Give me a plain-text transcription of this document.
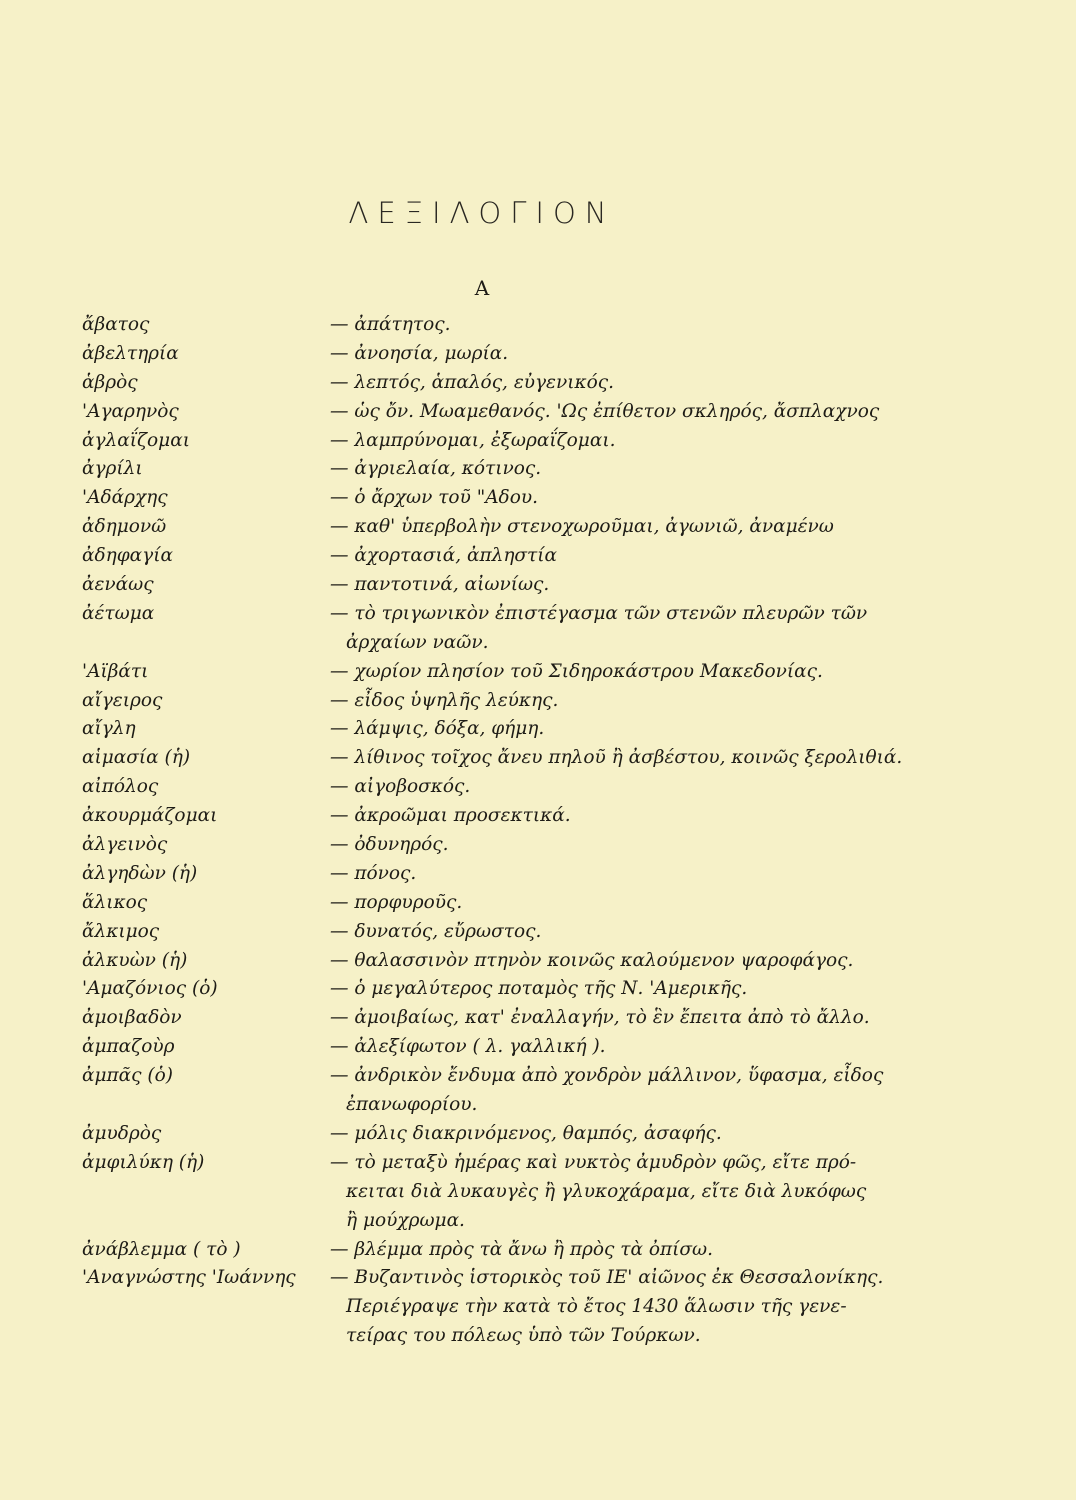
ΛΕΞΙΛΟΓΙΟΝ
Α
ἄβατος	— ἀπάτητος.
ἀβελτηρία	— ἀνοησία, μωρία.
ἁβρὸς	— λεπτός, ἁπαλός, εὐγενικός.
'Αγαρηνὸς	— ὡς ὄν. Μωαμεθανός. 'Ως ἐπίθετον σκληρός, ἄσπλαχνος
ἀγλαΐζομαι	— λαμπρύνομαι, ἐξωραΐζομαι.
ἀγρίλι	— ἀγριελαία, κότινος.
'Αδάρχης	— ὁ ἄρχων τοῦ "Αδου.
ἀδημονῶ	— καθ' ὑπερβολὴν στενοχωροῦμαι, ἀγωνιῶ, ἀναμένω
ἀδηφαγία	— ἀχορτασιά, ἀπληστία
ἀενάως	— παντοτινά, αἰωνίως.
ἀέτωμα	— τὸ τριγωνικὸν ἐπιστέγασμα τῶν στενῶν πλευρῶν τῶν
ἀρχαίων ναῶν.
'Αϊβάτι	— χωρίον πλησίον τοῦ Σιδηροκάστρου Μακεδονίας.
αἴγειρος	— εἶδος ὑψηλῆς λεύκης.
αἴγλη	— λάμψις, δόξα, φήμη.
αἱμασία (ἡ)	— λίθινος τοῖχος ἄνευ πηλοῦ ἢ ἀσβέστου, κοινῶς ξερολιθιά.
αἰπόλος	— αἰγοβοσκός.
ἀκουρμάζομαι	— ἀκροῶμαι προσεκτικά.
ἀλγεινὸς	— ὀδυνηρός.
ἀλγηδὼν (ἡ)	— πόνος.
ἅλικος	— πορφυροῦς.
ἄλκιμος	— δυνατός, εὔρωστος.
ἀλκυὼν (ἡ)	— θαλασσινὸν πτηνὸν κοινῶς καλούμενον ψαροφάγος.
'Αμαζόνιος (ὁ)	— ὁ μεγαλύτερος ποταμὸς τῆς Ν. 'Αμερικῆς.
ἀμοιβαδὸν	— ἀμοιβαίως, κατ' ἐναλλαγήν, τὸ ἓν ἔπειτα ἀπὸ τὸ ἄλλο.
ἀμπαζοὺρ	— ἀλεξίφωτον ( λ. γαλλική ).
ἀμπᾶς (ὁ)	— ἀνδρικὸν ἔνδυμα ἀπὸ χονδρὸν μάλλινον, ὕφασμα, εἶδος
ἐπανωφορίου.
ἀμυδρὸς	— μόλις διακρινόμενος, θαμπός, ἀσαφής.
ἀμφιλύκη (ἡ)	— τὸ μεταξὺ ἡμέρας καὶ νυκτὸς ἀμυδρὸν φῶς, εἴτε πρό-
κειται διὰ λυκαυγὲς ἢ γλυκοχάραμα, εἴτε διὰ λυκόφως
ἢ μούχρωμα.
ἀνάβλεμμα ( τὸ )	— βλέμμα πρὸς τὰ ἄνω ἢ πρὸς τὰ ὀπίσω.
'Αναγνώστης 'Ιωάννης	— Βυζαντινὸς ἱστορικὸς τοῦ ΙΕ' αἰῶνος ἐκ Θεσσαλονίκης.
Περιέγραψε τὴν κατὰ τὸ ἔτος 1430 ἅλωσιν τῆς γενε-
τείρας του πόλεως ὑπὸ τῶν Τούρκων.
